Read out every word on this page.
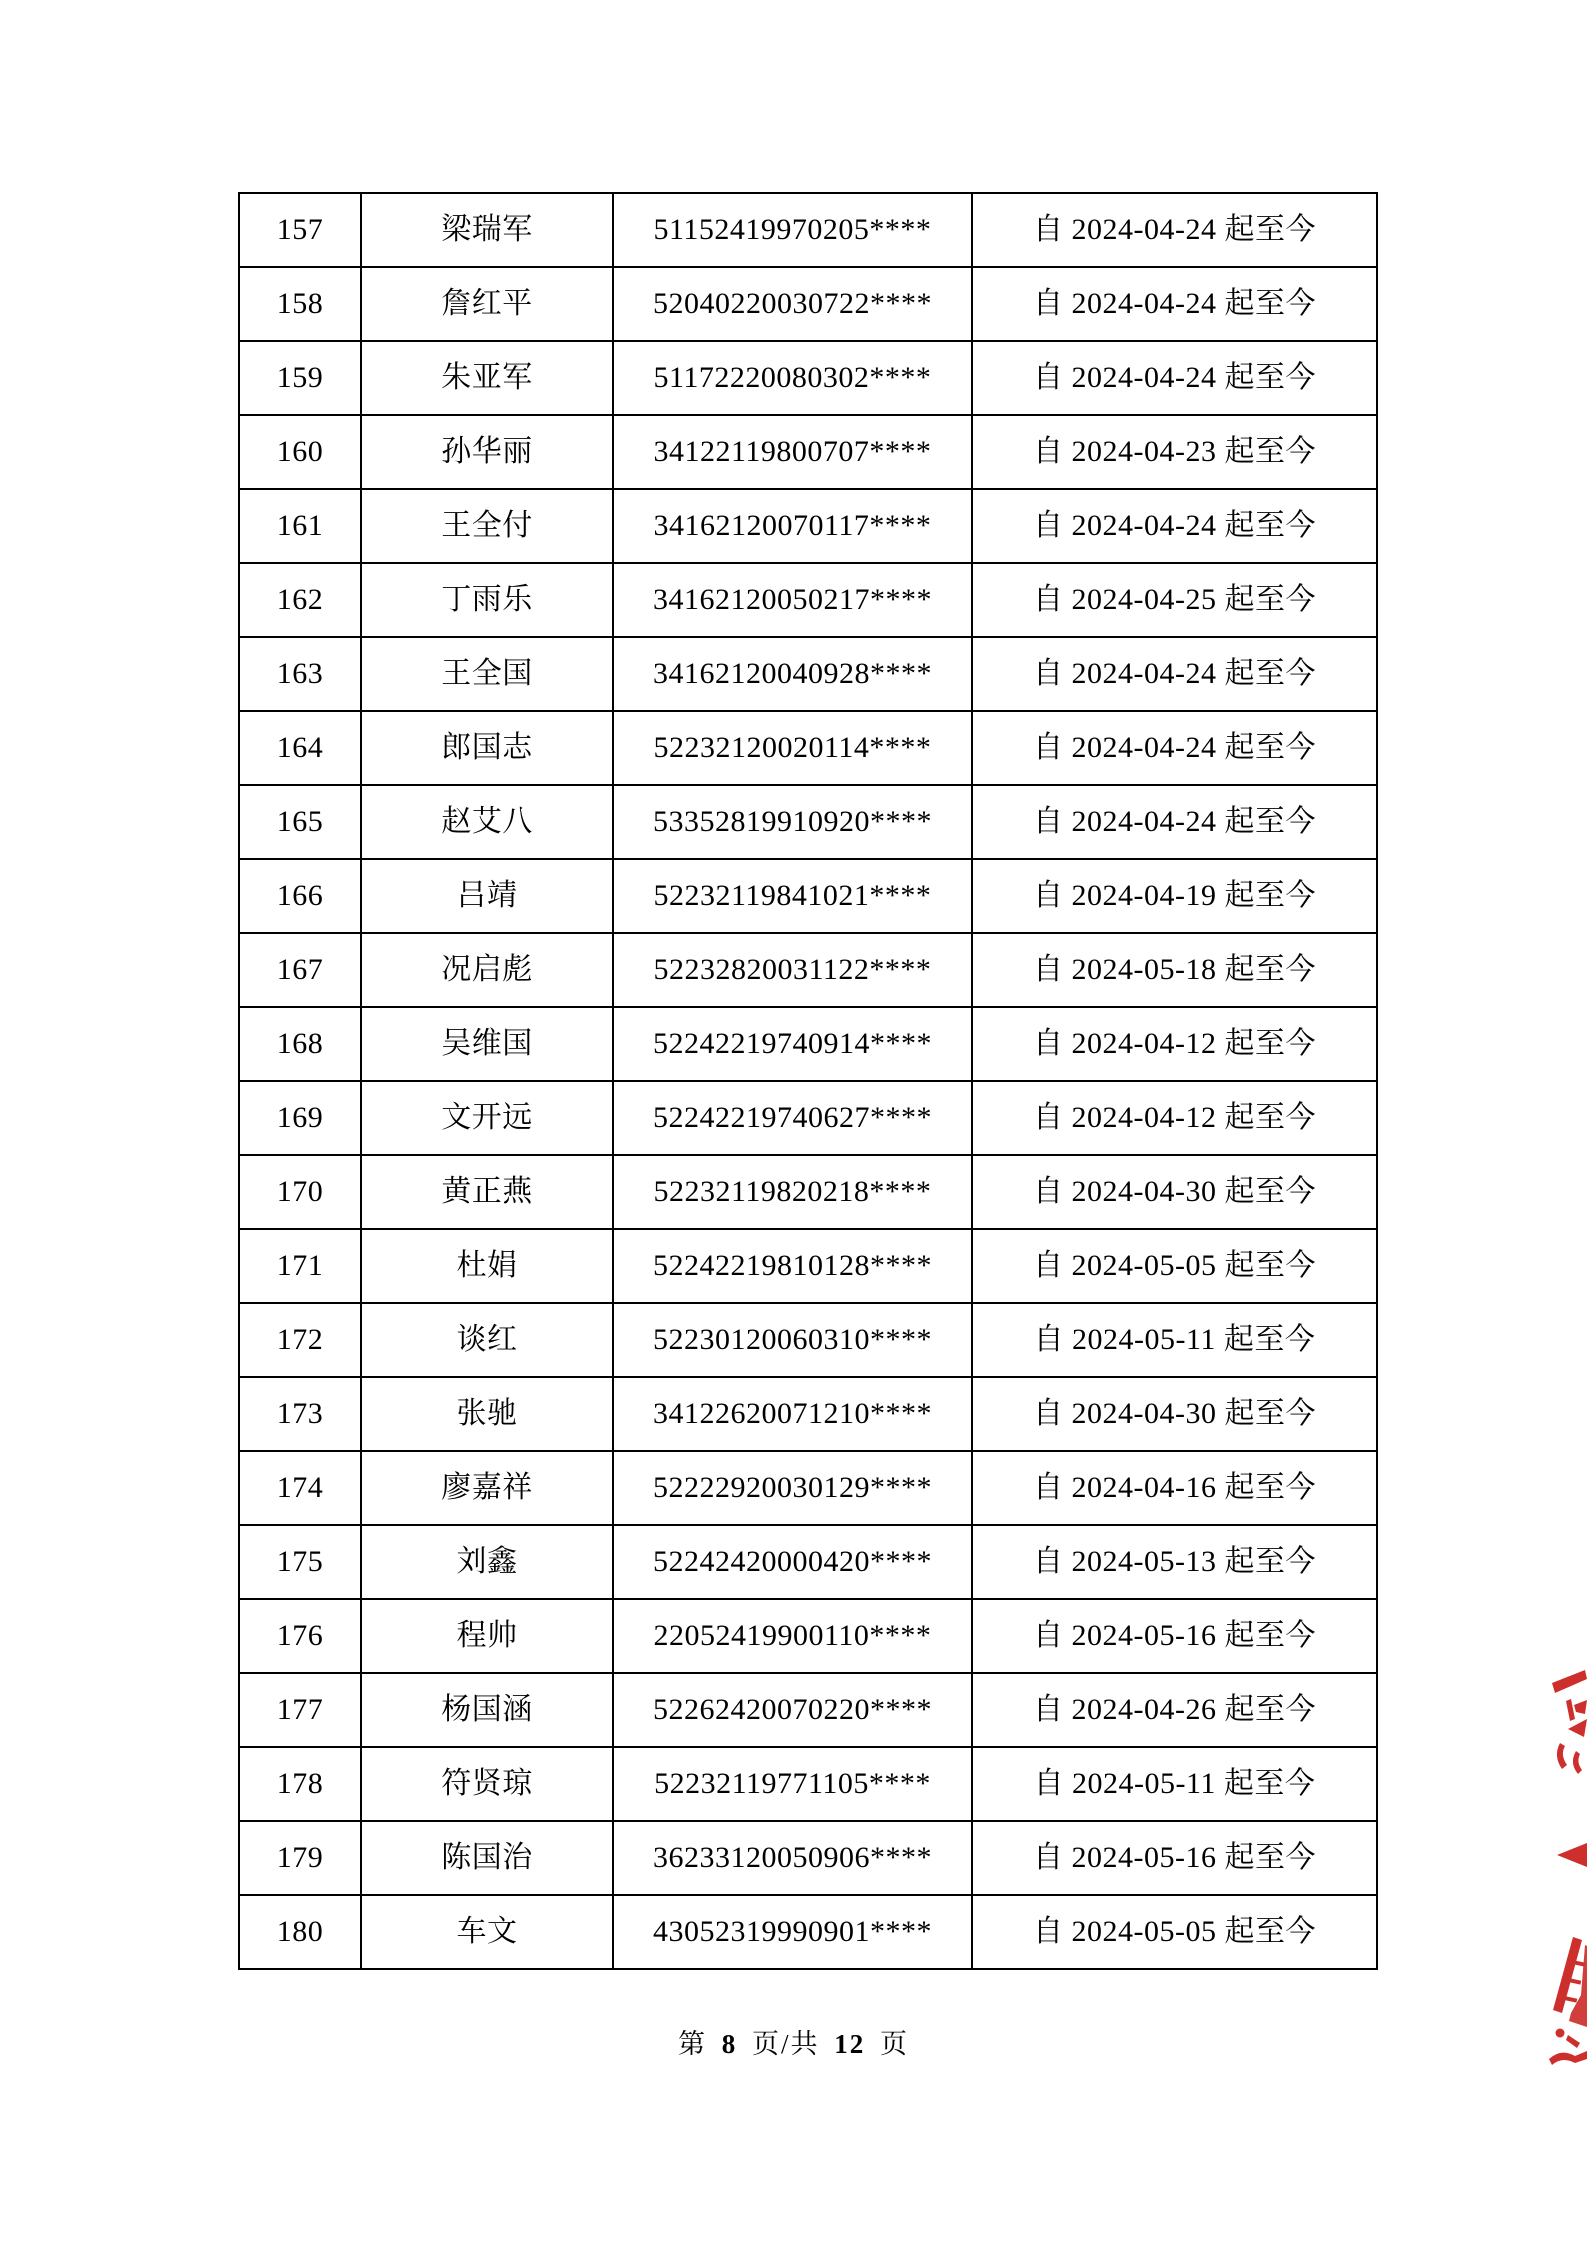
157	梁瑞军	51152419970205****	自 2024-04-24 起至今
158	詹红平	52040220030722****	自 2024-04-24 起至今
159	朱亚军	51172220080302****	自 2024-04-24 起至今
160	孙华丽	34122119800707****	自 2024-04-23 起至今
161	王全付	34162120070117****	自 2024-04-24 起至今
162	丁雨乐	34162120050217****	自 2024-04-25 起至今
163	王全国	34162120040928****	自 2024-04-24 起至今
164	郎国志	52232120020114****	自 2024-04-24 起至今
165	赵艾八	53352819910920****	自 2024-04-24 起至今
166	吕靖	52232119841021****	自 2024-04-19 起至今
167	况启彪	52232820031122****	自 2024-05-18 起至今
168	吴维国	52242219740914****	自 2024-04-12 起至今
169	文开远	52242219740627****	自 2024-04-12 起至今
170	黄正燕	52232119820218****	自 2024-04-30 起至今
171	杜娟	52242219810128****	自 2024-05-05 起至今
172	谈红	52230120060310****	自 2024-05-11 起至今
173	张驰	34122620071210****	自 2024-04-30 起至今
174	廖嘉祥	52222920030129****	自 2024-04-16 起至今
175	刘鑫	52242420000420****	自 2024-05-13 起至今
176	程帅	22052419900110****	自 2024-05-16 起至今
177	杨国涵	52262420070220****	自 2024-04-26 起至今
178	符贤琼	52232119771105****	自 2024-05-11 起至今
179	陈国治	36233120050906****	自 2024-05-16 起至今
180	车文	43052319990901****	自 2024-05-05 起至今
第 8 页/共 12 页
